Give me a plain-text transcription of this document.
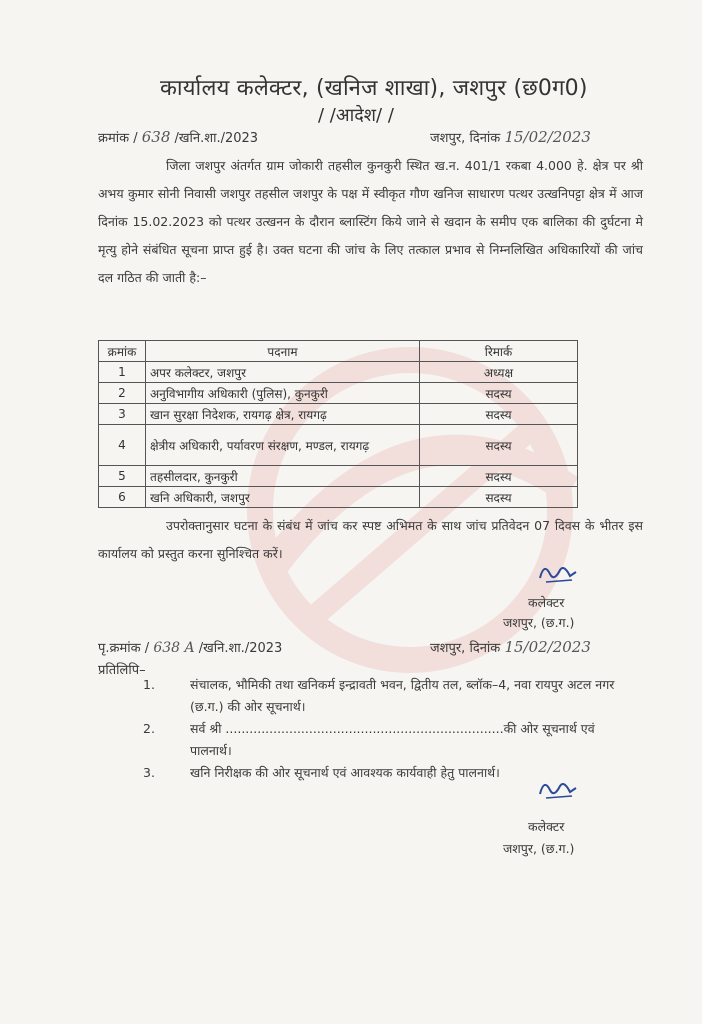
कार्यालय कलेक्टर, (खनिज शाखा), जशपुर (छ0ग0)
/ /आदेश/ /
क्रमांक / 638 /खनि.शा./2023	जशपुर, दिनांक 15/02/2023

जिला जशपुर अंतर्गत ग्राम जोकारी तहसील कुनकुरी स्थित ख.न. 401/1 रकबा 4.000 हे. क्षेत्र पर श्री अभय कुमार सोनी निवासी जशपुर तहसील जशपुर के पक्ष में स्वीकृत गौण खनिज साधारण पत्थर उत्खनिपट्टा क्षेत्र में आज दिनांक 15.02.2023 को पत्थर उत्खनन के दौरान ब्लास्टिंग किये जाने से खदान के समीप एक बालिका की दुर्घटना मे मृत्यु होने संबंधित सूचना प्राप्त हुई है। उक्त घटना की जांच के लिए तत्काल प्रभाव से निम्नलिखित अधिकारियों की जांच दल गठित की जाती है:–

क्रमांक	पदनाम	रिमार्क
1	अपर कलेक्टर, जशपुर	अध्यक्ष
2	अनुविभागीय अधिकारी (पुलिस), कुनकुरी	सदस्य
3	खान सुरक्षा निदेशक, रायगढ़ क्षेत्र, रायगढ़	सदस्य
4	क्षेत्रीय अधिकारी, पर्यावरण संरक्षण, मण्डल, रायगढ़	सदस्य
5	तहसीलदार, कुनकुरी	सदस्य
6	खनि अधिकारी, जशपुर	सदस्य

उपरोक्तानुसार घटना के संबंध में जांच कर स्पष्ट अभिमत के साथ जांच प्रतिवेदन 07 दिवस के भीतर इस कार्यालय को प्रस्तुत करना सुनिश्चित करें।

कलेक्टर
जशपुर, (छ.ग.)
पृ.क्रमांक / 638 A /खनि.शा./2023	जशपुर, दिनांक 15/02/2023
प्रतिलिपि–
1.	संचालक, भौमिकी तथा खनिकर्म इन्द्रावती भवन, द्वितीय तल, ब्लॉक–4, नवा रायपुर अटल नगर (छ.ग.) की ओर सूचनार्थ।
2.	सर्व श्री ......................................................................की ओर सूचनार्थ एवं पालनार्थ।
3.	खनि निरीक्षक की ओर सूचनार्थ एवं आवश्यक कार्यवाही हेतु पालनार्थ।
कलेक्टर
जशपुर, (छ.ग.)
